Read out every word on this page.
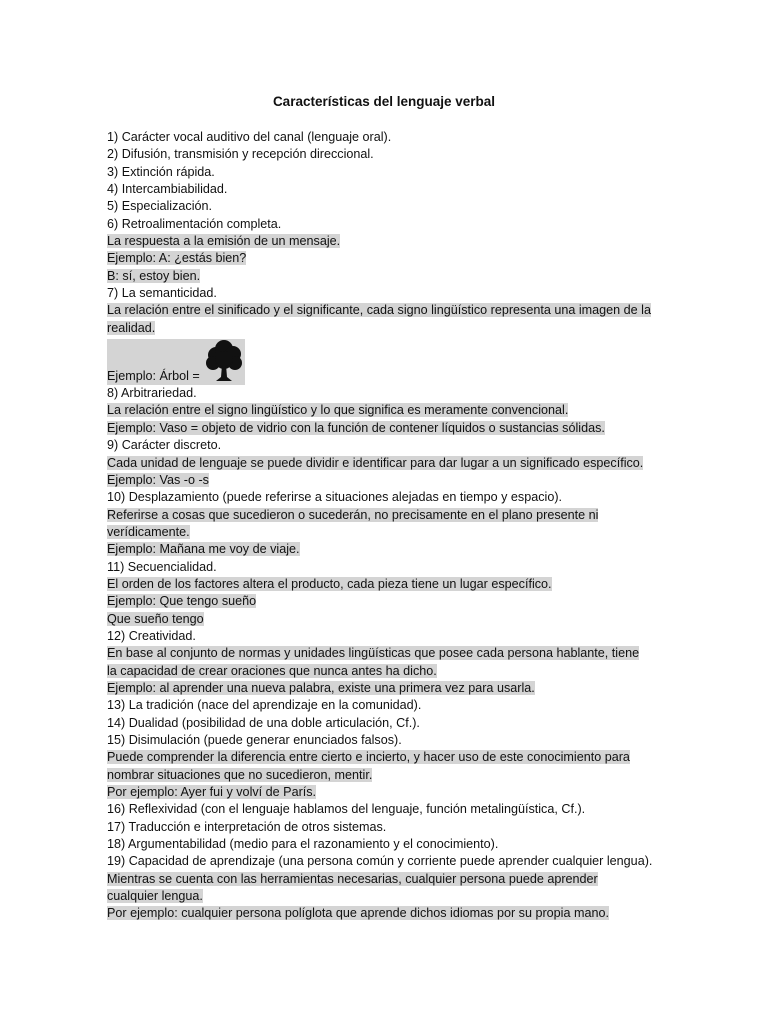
Características del lenguaje verbal
1) Carácter vocal auditivo del canal (lenguaje oral).
2) Difusión, transmisión y recepción direccional.
3) Extinción rápida.
4) Intercambiabilidad.
5) Especialización.
6) Retroalimentación completa.
La respuesta a la emisión de un mensaje.
Ejemplo: A: ¿estás bien?
B: sí, estoy bien.
7) La semanticidad.
La relación entre el sinificado y el significante, cada signo lingüístico representa una imagen de la realidad.
Ejemplo: Árbol =
8) Arbitrariedad.
La relación entre el signo lingüístico y lo que significa es meramente convencional.
Ejemplo: Vaso = objeto de vidrio con la función de contener líquidos o sustancias sólidas.
9) Carácter discreto.
Cada unidad de lenguaje se puede dividir e identificar para dar lugar a un significado específico.
Ejemplo: Vas -o -s
10) Desplazamiento (puede referirse a situaciones alejadas en tiempo y espacio).
Referirse a cosas que sucedieron o sucederán, no precisamente en el plano presente ni verídicamente.
Ejemplo: Mañana me voy de viaje.
11) Secuencialidad.
El orden de los factores altera el producto, cada pieza tiene un lugar específico.
Ejemplo: Que tengo sueño
Que sueño tengo
12) Creatividad.
En base al conjunto de normas y unidades lingüísticas que posee cada persona hablante, tiene la capacidad de crear oraciones que nunca antes ha dicho.
Ejemplo: al aprender una nueva palabra, existe una primera vez para usarla.
13) La tradición (nace del aprendizaje en la comunidad).
14) Dualidad (posibilidad de una doble articulación, Cf.).
15) Disimulación (puede generar enunciados falsos).
Puede comprender la diferencia entre cierto e incierto, y hacer uso de este conocimiento para nombrar situaciones que no sucedieron, mentir.
Por ejemplo: Ayer fui y volví de París.
16) Reflexividad (con el lenguaje hablamos del lenguaje, función metalingüística, Cf.).
17) Traducción e interpretación de otros sistemas.
18) Argumentabilidad (medio para el razonamiento y el conocimiento).
19) Capacidad de aprendizaje (una persona común y corriente puede aprender cualquier lengua).
Mientras se cuenta con las herramientas necesarias, cualquier persona puede aprender cualquier lengua.
Por ejemplo: cualquier persona políglota que aprende dichos idiomas por su propia mano.
